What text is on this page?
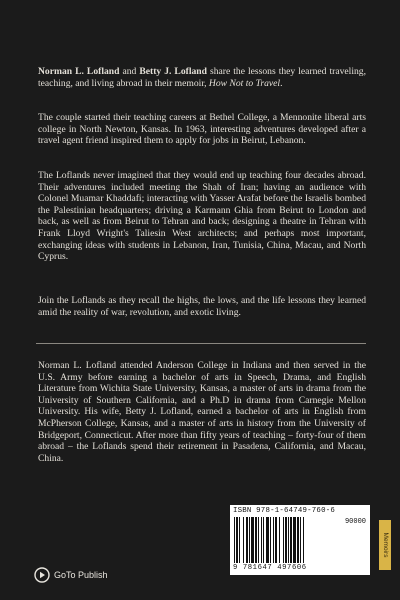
Norman L. Lofland and Betty J. Lofland share the lessons they learned traveling, teaching, and living abroad in their memoir, How Not to Travel.
The couple started their teaching careers at Bethel College, a Mennonite liberal arts college in North Newton, Kansas. In 1963, interesting adventures developed after a travel agent friend inspired them to apply for jobs in Beirut, Lebanon.
The Loflands never imagined that they would end up teaching four decades abroad. Their adventures included meeting the Shah of Iran; having an audience with Colonel Muamar Khaddafi; interacting with Yasser Arafat before the Israelis bombed the Palestinian headquarters; driving a Karmann Ghia from Beirut to London and back, as well as from Beirut to Tehran and back; designing a theatre in Tehran with Frank Lloyd Wright's Taliesin West architects; and perhaps most important, exchanging ideas with students in Lebanon, Iran, Tunisia, China, Macau, and North Cyprus.
Join the Loflands as they recall the highs, the lows, and the life lessons they learned amid the reality of war, revolution, and exotic living.
Norman L. Lofland attended Anderson College in Indiana and then served in the U.S. Army before earning a bachelor of arts in Speech, Drama, and English Literature from Wichita State University, Kansas, a master of arts in drama from the University of Southern California, and a Ph.D in drama from Carnegie Mellon University. His wife, Betty J. Lofland, earned a bachelor of arts in English from McPherson College, Kansas, and a master of arts in history from the University of Bridgeport, Connecticut. After more than fifty years of teaching – forty-four of them abroad – the Loflands spend their retirement in Pasadena, California, and Macau, China.
ISBN 978-1-64749-760-6
90000
9 781647 497606
Memoirs
GoTo Publish
